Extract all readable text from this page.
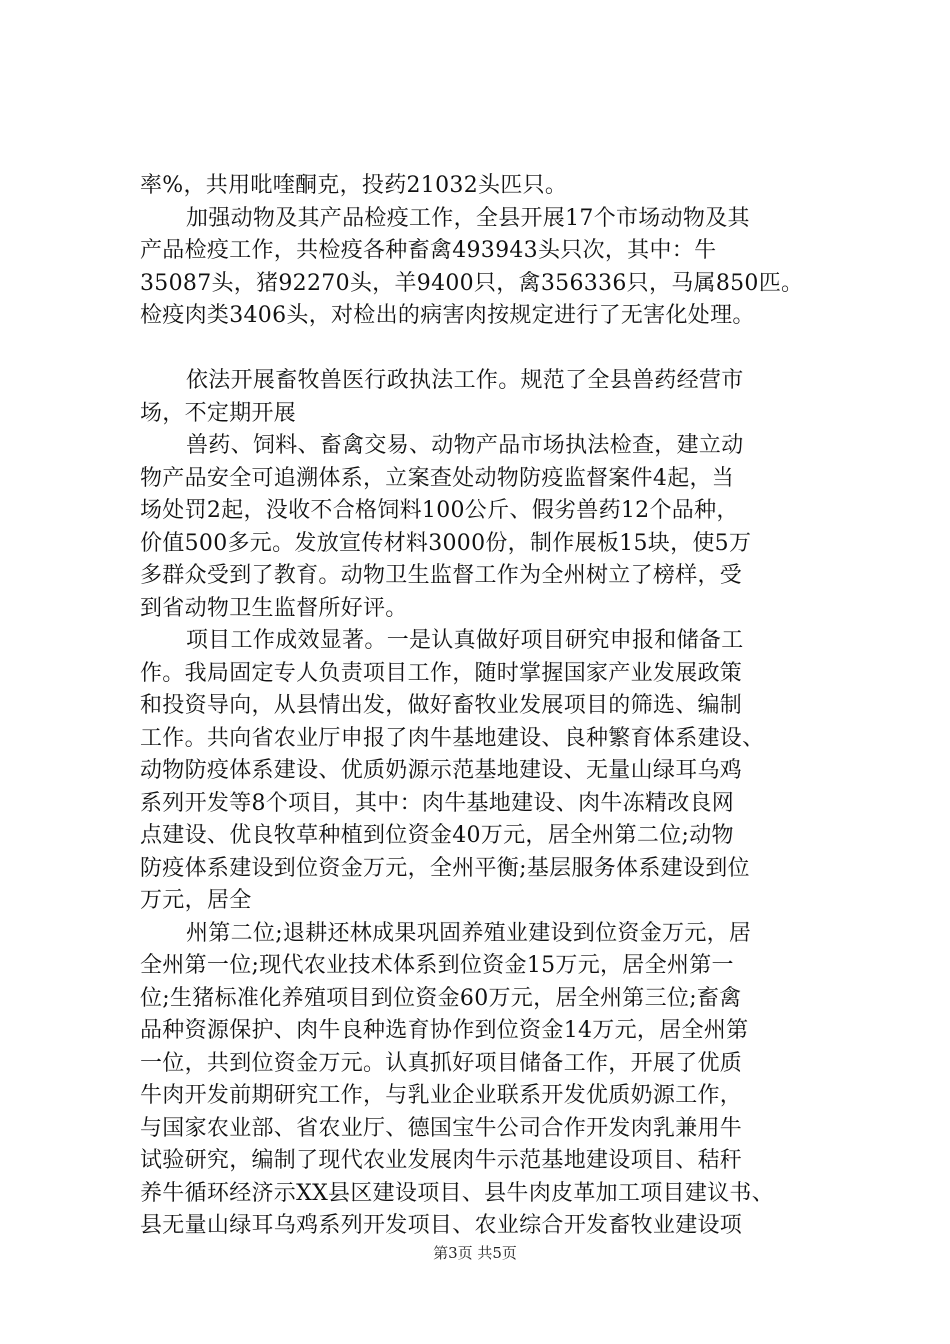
率%，共用吡喹酮克，投药21032头匹只。
加强动物及其产品检疫工作，全县开展17个市场动物及其
产品检疫工作，共检疫各种畜禽493943头只次，其中：牛
35087头，猪92270头，羊9400只，禽356336只，马属850匹。
检疫肉类3406头，对检出的病害肉按规定进行了无害化处理。
依法开展畜牧兽医行政执法工作。规范了全县兽药经营市
场，不定期开展
兽药、饲料、畜禽交易、动物产品市场执法检查，建立动
物产品安全可追溯体系，立案查处动物防疫监督案件4起，当
场处罚2起，没收不合格饲料100公斤、假劣兽药12个品种，
价值500多元。发放宣传材料3000份，制作展板15块，使5万
多群众受到了教育。动物卫生监督工作为全州树立了榜样，受
到省动物卫生监督所好评。
项目工作成效显著。一是认真做好项目研究申报和储备工
作。我局固定专人负责项目工作，随时掌握国家产业发展政策
和投资导向，从县情出发，做好畜牧业发展项目的筛选、编制
工作。共向省农业厅申报了肉牛基地建设、良种繁育体系建设、
动物防疫体系建设、优质奶源示范基地建设、无量山绿耳乌鸡
系列开发等8个项目，其中：肉牛基地建设、肉牛冻精改良网
点建设、优良牧草种植到位资金40万元，居全州第二位;动物
防疫体系建设到位资金万元，全州平衡;基层服务体系建设到位
万元，居全
州第二位;退耕还林成果巩固养殖业建设到位资金万元，居
全州第一位;现代农业技术体系到位资金15万元，居全州第一
位;生猪标准化养殖项目到位资金60万元，居全州第三位;畜禽
品种资源保护、肉牛良种选育协作到位资金14万元，居全州第
一位，共到位资金万元。认真抓好项目储备工作，开展了优质
牛肉开发前期研究工作，与乳业企业联系开发优质奶源工作，
与国家农业部、省农业厅、德国宝牛公司合作开发肉乳兼用牛
试验研究，编制了现代农业发展肉牛示范基地建设项目、秸秆
养牛循环经济示XX县区建设项目、县牛肉皮革加工项目建议书、
县无量山绿耳乌鸡系列开发项目、农业综合开发畜牧业建设项
第3页 共5页
